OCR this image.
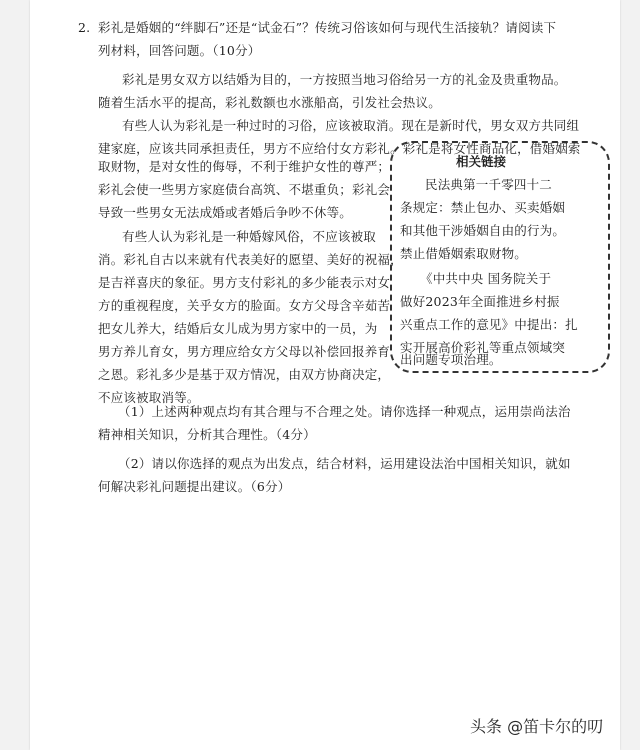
2. 彩礼是婚姻的“绊脚石”还是“试金石”？传统习俗该如何与现代生活接轨？请阅读下
列材料，回答问题。（10分）
彩礼是男女双方以结婚为目的，一方按照当地习俗给另一方的礼金及贵重物品。
随着生活水平的提高，彩礼数额也水涨船高，引发社会热议。
有些人认为彩礼是一种过时的习俗，应该被取消。现在是新时代，男女双方共同组
建家庭，应该共同承担责任，男方不应给付女方彩礼。彩礼是将女性商品化，借婚姻索
取财物，是对女性的侮辱，不利于维护女性的尊严；
彩礼会使一些男方家庭债台高筑、不堪重负；彩礼会
导致一些男女无法成婚或者婚后争吵不休等。
有些人认为彩礼是一种婚嫁风俗，不应该被取
消。彩礼自古以来就有代表美好的愿望、美好的祝福，
是吉祥喜庆的象征。男方支付彩礼的多少能表示对女
方的重视程度，关乎女方的脸面。女方父母含辛茹苦
把女儿养大，结婚后女儿成为男方家中的一员，为
男方养儿育女，男方理应给女方父母以补偿回报养育
之恩。彩礼多少是基于双方情况，由双方协商决定，
不应该被取消等。
相关链接
民法典第一千零四十二
条规定：禁止包办、买卖婚姻
和其他干涉婚姻自由的行为。
禁止借婚姻索取财物。
《中共中央 国务院关于
做好2023年全面推进乡村振
兴重点工作的意见》中提出：扎
实开展高价彩礼等重点领域突
出问题专项治理。
（1）上述两种观点均有其合理与不合理之处。请你选择一种观点，运用崇尚法治
精神相关知识，分析其合理性。（4分）
（2）请以你选择的观点为出发点，结合材料，运用建设法治中国相关知识，就如
何解决彩礼问题提出建议。（6分）
头条 @笛卡尔的叨
